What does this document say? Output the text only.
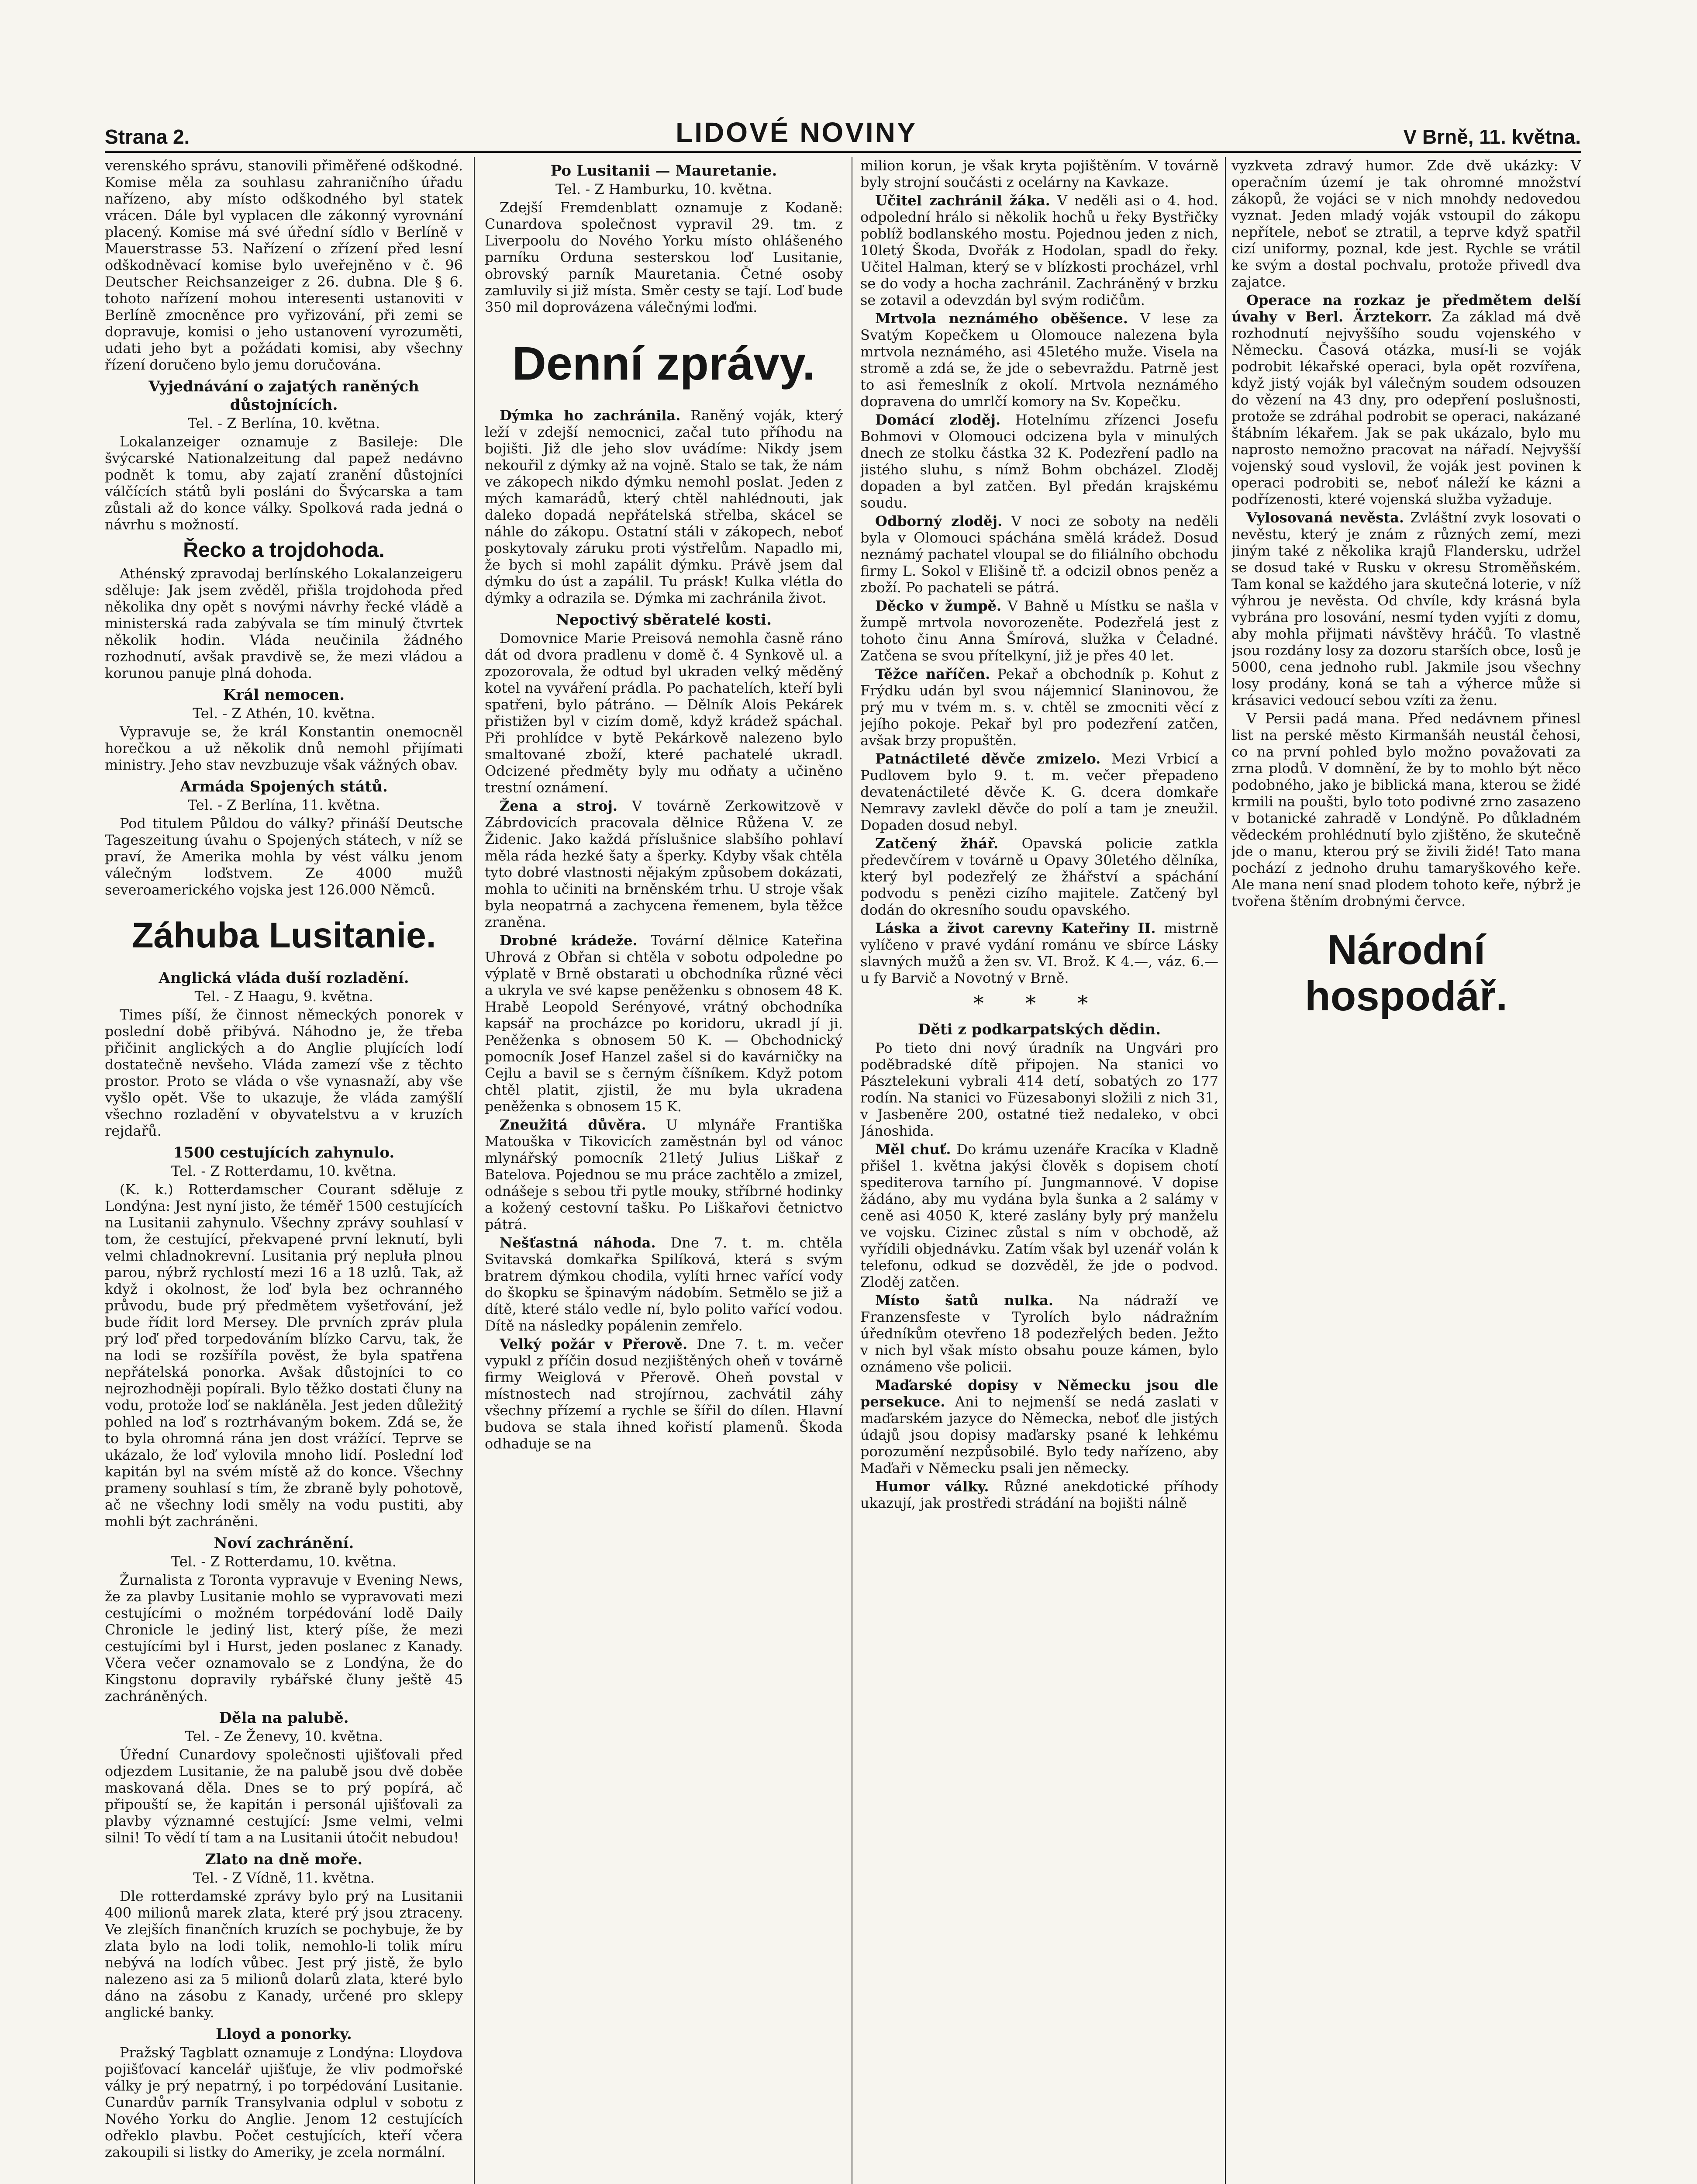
Strana 2.	LIDOVÉ NOVINY	V Brně, 11. května.

verenského správu, stanovili přiměřené odškodné. Komise měla za souhlasu zahraničního úřadu nařízeno, aby místo odškodného byl statek vrácen. Dále byl vyplacen dle zákonný vyrovnání placený. Komise má své úřední sídlo v Berlíně v Mauerstrasse 53. Nařízení o zřízení před lesní odškodněvací komise bylo uveřejněno v č. 96 Deutscher Reichsanzeiger z 26. dubna. Dle § 6. tohoto nařízení mohou interesenti ustanoviti v Berlíně zmocněnce pro vyřizování, při zemi se dopravuje, komisi o jeho ustanovení vyrozuměti, udati jeho byt a požádati komisi, aby všechny řízení doručeno bylo jemu doručována.

Vyjednávání o zajatých raněných důstojnících.
Tel. - Z Berlína, 10. května.

Lokalanzeiger oznamuje z Basileje: Dle švýcarské Nationalzeitung dal papež nedávno podnět k tomu, aby zajatí zranění důstojníci válčících států byli posláni do Švýcarska a tam zůstali až do konce války. Spolková rada jedná o návrhu s možností.

Řecko a trojdohoda.

Athénský zpravodaj berlínského Lokalanzeigeru sděluje: Jak jsem zvěděl, přišla trojdohoda před několika dny opět s novými návrhy řecké vládě a ministerská rada zabývala se tím minulý čtvrtek několik hodin. Vláda neučinila žádného rozhodnutí, avšak pravdivě se, že mezi vládou a korunou panuje plná dohoda.

Král nemocen.
Tel. - Z Athén, 10. května.

Vypravuje se, že král Konstantin onemocněl horečkou a už několik dnů nemohl přijímati ministry. Jeho stav nevzbuzuje však vážných obav.

Armáda Spojených států.
Tel. - Z Berlína, 11. května.

Pod titulem Půldou do války? přináší Deutsche Tageszeitung úvahu o Spojených státech, v níž se praví, že Amerika mohla by vést válku jenom válečným loďstvem. Ze 4000 mužů severoamerického vojska jest 126.000 Němců.

Záhuba Lusitanie.
Anglická vláda duší rozladění.
Tel. - Z Haagu, 9. května.

Times píší, že činnost německých ponorek v poslední době přibývá. Náhodno je, že třeba přičinit anglických a do Anglie plujících lodí dostatečně nevšeho. Vláda zamezí vše z těchto prostor. Proto se vláda o vše vynasnaží, aby vše vyšlo opět. Vše to ukazuje, že vláda zamýšlí všechno rozladění v obyvatelstvu a v kruzích rejdařů.

1500 cestujících zahynulo.
Tel. - Z Rotterdamu, 10. května.

(K. k.) Rotterdamscher Courant sděluje z Londýna: Jest nyní jisto, že téměř 1500 cestujících na Lusitanii zahynulo. Všechny zprávy souhlasí v tom, že cestující, překvapené první leknutí, byli velmi chladnokrevní. Lusitania prý nepluła plnou parou, nýbrž rychlostí mezi 16 a 18 uzlů. Tak, až když i okolnost, že loď byla bez ochranného průvodu, bude prý předmětem vyšetřování, jež bude řídit lord Mersey. Dle prvních zpráv plula prý loď před torpedováním blízko Carvu, tak, že na lodi se rozšíříla pověst, že byla spatřena nepřátelská ponorka. Avšak důstojníci to co nejrozhodněji popírali. Bylo těžko dostati čluny na vodu, protože loď se nakláněla. Jest jeden důležitý pohled na loď s roztrhávaným bokem. Zdá se, že to byla ohromná rána jen dost vrážící. Teprve se ukázalo, že loď vylovila mnoho lidí. Poslední loď kapitán byl na svém místě až do konce. Všechny prameny souhlasí s tím, že zbraně byly pohotově, ač ne všechny lodi směly na vodu pustiti, aby mohli být zachráněni.

Noví zachránění.
Tel. - Z Rotterdamu, 10. května.

Žurnalista z Toronta vypravuje v Evening News, že za plavby Lusitanie mohlo se vypravovati mezi cestujícími o možném torpédování lodě Daily Chronicle le jediný list, který píše, že mezi cestujícími byl i Hurst, jeden poslanec z Kanady. Včera večer oznamovalo se z Londýna, že do Kingstonu dopravily rybářské čluny ještě 45 zachráněných.

Děla na palubě.
Tel. - Ze Ženevy, 10. května.

Úřední Cunardovy společnosti ujišťovali před odjezdem Lusitanie, že na palubě jsou dvě doběe maskovaná děla. Dnes se to prý popírá, ač připouští se, že kapitán i personál ujišťovali za plavby významné cestující: Jsme velmi, velmi silni! To vědí tí tam a na Lusitanii útočit nebudou!

Zlato na dně moře.
Tel. - Z Vídně, 11. května.

Dle rotterdamské zprávy bylo prý na Lusitanii 400 milionů marek zlata, které prý jsou ztraceny. Ve zlejších finančních kruzích se pochybuje, že by zlata bylo na lodi tolik, nemohlo-li tolik míru nebývá na lodích vůbec. Jest prý jistě, že bylo nalezeno asi za 5 milionů dolarů zlata, které bylo dáno na zásobu z Kanady, určené pro sklepy anglické banky.

Lloyd a ponorky.

Pražský Tagblatt oznamuje z Londýna: Lloydova pojišťovací kancelář ujišťuje, že vliv podmořské války je prý nepatrný, i po torpédování Lusitanie. Cunardův parník Transylvania odplul v sobotu z Nového Yorku do Anglie. Jenom 12 cestujících odřeklo plavbu. Počet cestujících, kteří včera zakoupili si listky do Ameriky, je zcela normální.

Po Lusitanii — Mauretanie.
Tel. - Z Hamburku, 10. května.

Zdejší Fremdenblatt oznamuje z Kodaně: Cunardova společnost vypravil 29. tm. z Liverpoolu do Nového Yorku místo ohlášeného parníku Orduna sesterskou loď Lusitanie, obrovský parník Mauretania. Četné osoby zamluvily si již místa. Směr cesty se tají. Loď bude 350 mil doprovázena válečnými loďmi.

Denní zprávy.

Dýmka ho zachránila. Raněný voják, který leží v zdejší nemocnici, začal tuto příhodu na bojišti. Již dle jeho slov uvádíme: Nikdy jsem nekouřil z dýmky až na vojně. Stalo se tak, že nám ve zákopech nikdo dýmku nemohl poslat. Jeden z mých kamarádů, který chtěl nahlédnouti, jak daleko dopadá nepřátelská střelba, skácel se náhle do zákopu. Ostatní stáli v zákopech, neboť poskytovaly záruku proti výstřelům. Napadlo mi, že bych si mohl zapálit dýmku. Právě jsem dal dýmku do úst a zapálil. Tu prásk! Kulka vlétla do dýmky a odrazila se. Dýmka mi zachránila život.

Nepoctivý sběratelé kosti.

Domovnice Marie Preisová nemohla časně ráno dát od dvora pradlenu v domě č. 4 Synkově ul. a zpozorovala, že odtud byl ukraden velký měděný kotel na vyváření prádla. Po pachatelích, kteří byli spatřeni, bylo pátráno. — Dělník Alois Pekárek přistižen byl v cizím domě, když krádež spáchal. Při prohlídce v bytě Pekárkově nalezeno bylo smaltované zboží, které pachatelé ukradl. Odcizené předměty byly mu odňaty a učiněno trestní oznámení.

Žena a stroj. V továrně Zerkowitzově v Zábrdovicích pracovala dělnice Růžena V. ze Židenic. Jako každá příslušnice slabšího pohlaví měla ráda hezké šaty a šperky. Kdyby však chtěla tyto dobré vlastnosti nějakým způsobem dokázati, mohla to učiniti na brněnském trhu. U stroje však byla neopatrná a zachycena řemenem, byla těžce zraněna.

Drobné krádeže. Tovární dělnice Kateřina Uhrová z Obřan si chtěla v sobotu odpoledne po výplatě v Brně obstarati u obchodníka různé věci a ukryla ve své kapse peněženku s obnosem 48 K. Hrabě Leopold Serényové, vrátný obchodníka kapsář na procházce po koridoru, ukradl jí ji. Peněženka s obnosem 50 K. — Obchodnický pomocník Josef Hanzel zašel si do kavárničky na Cejlu a bavil se s černým číšníkem. Když potom chtěl platit, zjistil, že mu byla ukradena peněženka s obnosem 15 K.

Zneužitá důvěra. U mlynáře Františka Matouška v Tikovicích zaměstnán byl od vánoc mlynářský pomocník 21letý Julius Liškař z Batelova. Pojednou se mu práce zachtělo a zmizel, odnášeje s sebou tři pytle mouky, stříbrné hodinky a kožený cestovní tašku. Po Liškařovi četnictvo pátrá.

Nešťastná náhoda. Dne 7. t. m. chtěla Svitavská domkařka Spilíková, která s svým bratrem dýmkou chodila, vylíti hrnec vařící vody do škopku se špinavým nádobím. Setmělo se již a dítě, které stálo vedle ní, bylo polito vařící vodou. Dítě na následky popálenin zemřelo.

Velký požár v Přerově. Dne 7. t. m. večer vypukl z příčin dosud nezjištěných oheň v továrně firmy Weiglová v Přerově. Oheň povstal v místnostech nad strojírnou, zachvátil záhy všechny přízemí a rychle se šířil do dílen. Hlavní budova se stala ihned kořistí plamenů. Škoda odhaduje se na

milion korun, je však kryta pojištěním. V továrně byly strojní součásti z ocelárny na Kavkaze.

Učitel zachránil žáka. V neděli asi o 4. hod. odpolední hrálo si několik hochů u řeky Bystřičky poblíž bodlanského mostu. Pojednou jeden z nich, 10letý Škoda, Dvořák z Hodolan, spadl do řeky. Učitel Halman, který se v blízkosti procházel, vrhl se do vody a hocha zachránil. Zachráněný v brzku se zotavil a odevzdán byl svým rodičům.

Mrtvola neznámého oběšence. V lese za Svatým Kopečkem u Olomouce nalezena byla mrtvola neznámého, asi 45letého muže. Visela na stromě a zdá se, že jde o sebevraždu. Patrně jest to asi řemeslník z okolí. Mrtvola neznámého dopravena do umrlčí komory na Sv. Kopečku.

Domácí zloděj. Hotelnímu zřízenci Josefu Bohmovi v Olomouci odcizena byla v minulých dnech ze stolku částka 32 K. Podezření padlo na jistého sluhu, s nímž Bohm obcházel. Zloděj dopaden a byl zatčen. Byl předán krajskému soudu.

Odborný zloděj. V noci ze soboty na neděli byla v Olomouci spáchána smělá krádež. Dosud neznámý pachatel vloupal se do filiálního obchodu firmy L. Sokol v Elišině tř. a odcizil obnos peněz a zboží. Po pachateli se pátrá.

Děcko v žumpě. V Bahně u Místku se našla v žumpě mrtvola novorozeněte. Podezřelá jest z tohoto činu Anna Šmírová, služka v Čeladné. Zatčena se svou přítelkyní, již je přes 40 let.

Těžce naříčen. Pekař a obchodník p. Kohut z Frýdku udán byl svou nájemnicí Slaninovou, že prý mu v tvém m. s. v. chtěl se zmocniti věcí z jejího pokoje. Pekař byl pro podezření zatčen, avšak brzy propuštěn.

Patnáctileté děvče zmizelo. Mezi Vrbicí a Pudlovem bylo 9. t. m. večer přepadeno devatenáctileté děvče K. G. dcera domkaře Nemravy zavlekl děvče do polí a tam je zneužil. Dopaden dosud nebyl.

Zatčený žhář. Opavská policie zatkla předevčírem v továrně u Opavy 30letého dělníka, který byl podezřelý ze žhářství a spáchání podvodu s penězi cizího majitele. Zatčený byl dodán do okresního soudu opavského.

Láska a život carevny Kateřiny II. mistrně vylíčeno v pravé vydání románu ve sbírce Lásky slavných mužů a žen sv. VI. Brož. K 4.—, váz. 6.— u fy Barvič a Novotný v Brně.

* * *
Děti z podkarpatských dědin.

Po tieto dni nový úradník na Ungvári pro poděbradské dítě připojen. Na stanici vo Pásztelekuni vybrali 414 detí, sobatých zo 177 rodín. Na stanici vo Füzesabonyi složili z nich 31, v Jasbeněre 200, ostatné tiež nedaleko, v obci Jánoshida.

Měl chuť. Do krámu uzenáře Kracíka v Kladně přišel 1. května jakýsi člověk s dopisem chotí spediterova tarního pí. Jungmannové. V dopise žádáno, aby mu vydána byla šunka a 2 salámy v ceně asi 4050 K, které zaslány byly prý manželu ve vojsku. Cizinec zůstal s ním v obchodě, až vyřídili objednávku. Zatím však byl uzenář volán k telefonu, odkud se dozvěděl, že jde o podvod. Zloděj zatčen.

Místo šatů nulka. Na nádraží ve Franzensfeste v Tyrolích bylo nádražním úředníkům otevřeno 18 podezřelých beden. Ježto v nich byl však místo obsahu pouze kámen, bylo oznámeno vše policii.

Maďarské dopisy v Německu jsou dle persekuce. Ani to nejmenší se nedá zaslati v maďarském jazyce do Německa, neboť dle jistých údajů jsou dopisy maďarsky psané k lehkému porozumění nezpůsobilé. Bylo tedy nařízeno, aby Maďaři v Německu psali jen německy.

Humor války. Různé anekdotické příhody ukazují, jak prostředi strádání na bojišti nálně

vyzkveta zdravý humor. Zde dvě ukázky: V operačním území je tak ohromné množství zákopů, že vojáci se v nich mnohdy nedovedou vyznat. Jeden mladý voják vstoupil do zákopu nepřítele, neboť se ztratil, a teprve když spatřil cizí uniformy, poznal, kde jest. Rychle se vrátil ke svým a dostal pochvalu, protože přivedl dva zajatce.

Operace na rozkaz je předmětem delší úvahy v Berl. Ärztekorr. Za základ má dvě rozhodnutí nejvyššího soudu vojenského v Německu. Časová otázka, musí-li se voják podrobit lékařské operaci, byla opět rozvířena, když jistý voják byl válečným soudem odsouzen do vězení na 43 dny, pro odepření poslušnosti, protože se zdráhal podrobit se operaci, nakázané štábním lékařem. Jak se pak ukázalo, bylo mu naprosto nemožno pracovat na nářadí. Nejvyšší vojenský soud vyslovil, že voják jest povinen k operaci podrobiti se, neboť náleží ke kázni a podřízenosti, které vojenská služba vyžaduje.

Vylosovaná nevěsta. Zvláštní zvyk losovati o nevěstu, který je znám z různých zemí, mezi jiným také z několika krajů Flandersku, udržel se dosud také v Rusku v okresu Stroměňském. Tam konal se každého jara skutečná loterie, v níž výhrou je nevěsta. Od chvíle, kdy krásná byla vybrána pro losování, nesmí tyden vyjíti z domu, aby mohla přijmati návštěvy hráčů. To vlastně jsou rozdány losy za dozoru starších obce, losů je 5000, cena jednoho rubl. Jakmile jsou všechny losy prodány, koná se tah a výherce může si krásavici vedoucí sebou vzíti za ženu.

V Persii padá mana. Před nedávnem přinesl list na perské město Kirmanšáh neustál čehosi, co na první pohled bylo možno považovati za zrna plodů. V domnění, že by to mohlo být něco podobného, jako je biblická mana, kterou se židé krmili na poušti, bylo toto podivné zrno zasazeno v botanické zahradě v Londýně. Po důkladném vědeckém prohlédnutí bylo zjištěno, že skutečně jde o manu, kterou prý se živili židé! Tato mana pochází z jednoho druhu tamaryškového keře. Ale mana není snad plodem tohoto keře, nýbrž je tvořena štěním drobnými červce.

Národní hospodář.
